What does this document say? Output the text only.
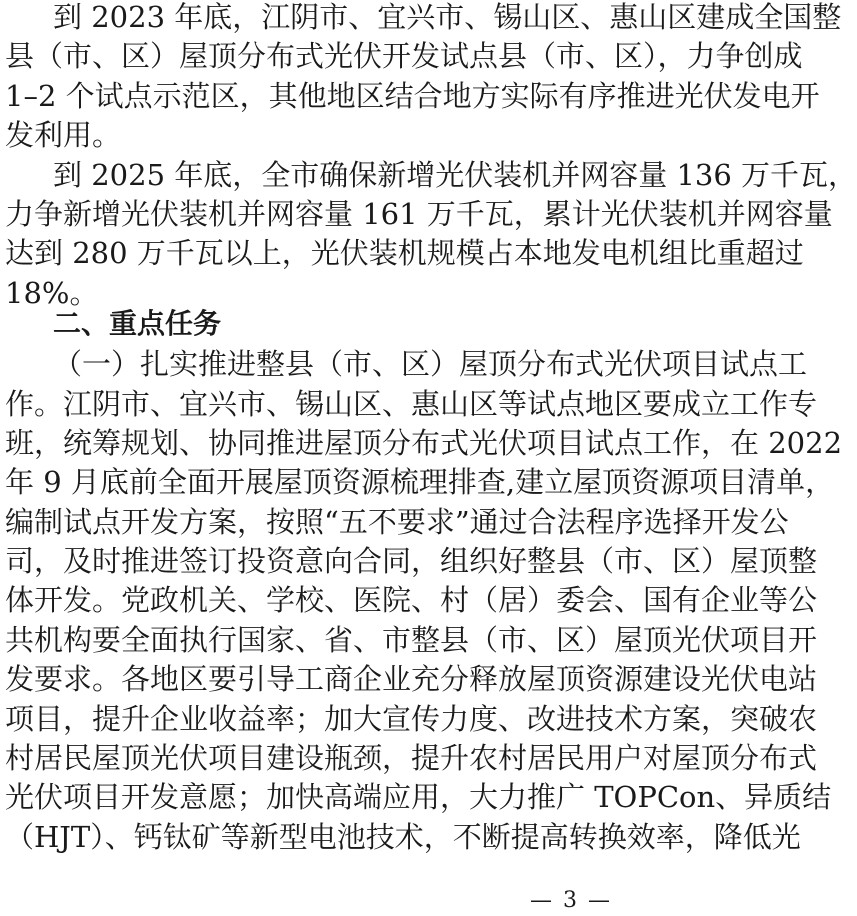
到 2023 年底，江阴市、宜兴市、锡山区、惠山区建成全国整
县（市、区）屋顶分布式光伏开发试点县（市、区），力争创成
1–2 个试点示范区，其他地区结合地方实际有序推进光伏发电开
发利用。
到 2025 年底，全市确保新增光伏装机并网容量 136 万千瓦，
力争新增光伏装机并网容量 161 万千瓦，累计光伏装机并网容量
达到 280 万千瓦以上，光伏装机规模占本地发电机组比重超过
18%。
二、重点任务
（一）扎实推进整县（市、区）屋顶分布式光伏项目试点工
作。江阴市、宜兴市、锡山区、惠山区等试点地区要成立工作专
班，统筹规划、协同推进屋顶分布式光伏项目试点工作，在 2022
年 9 月底前全面开展屋顶资源梳理排查,建立屋顶资源项目清单，
编制试点开发方案，按照“五不要求”通过合法程序选择开发公
司，及时推进签订投资意向合同，组织好整县（市、区）屋顶整
体开发。党政机关、学校、医院、村（居）委会、国有企业等公
共机构要全面执行国家、省、市整县（市、区）屋顶光伏项目开
发要求。各地区要引导工商企业充分释放屋顶资源建设光伏电站
项目，提升企业收益率；加大宣传力度、改进技术方案，突破农
村居民屋顶光伏项目建设瓶颈，提升农村居民用户对屋顶分布式
光伏项目开发意愿；加快高端应用，大力推广 TOPCon、异质结
（HJT）、钙钛矿等新型电池技术，不断提高转换效率，降低光
— 3 —
